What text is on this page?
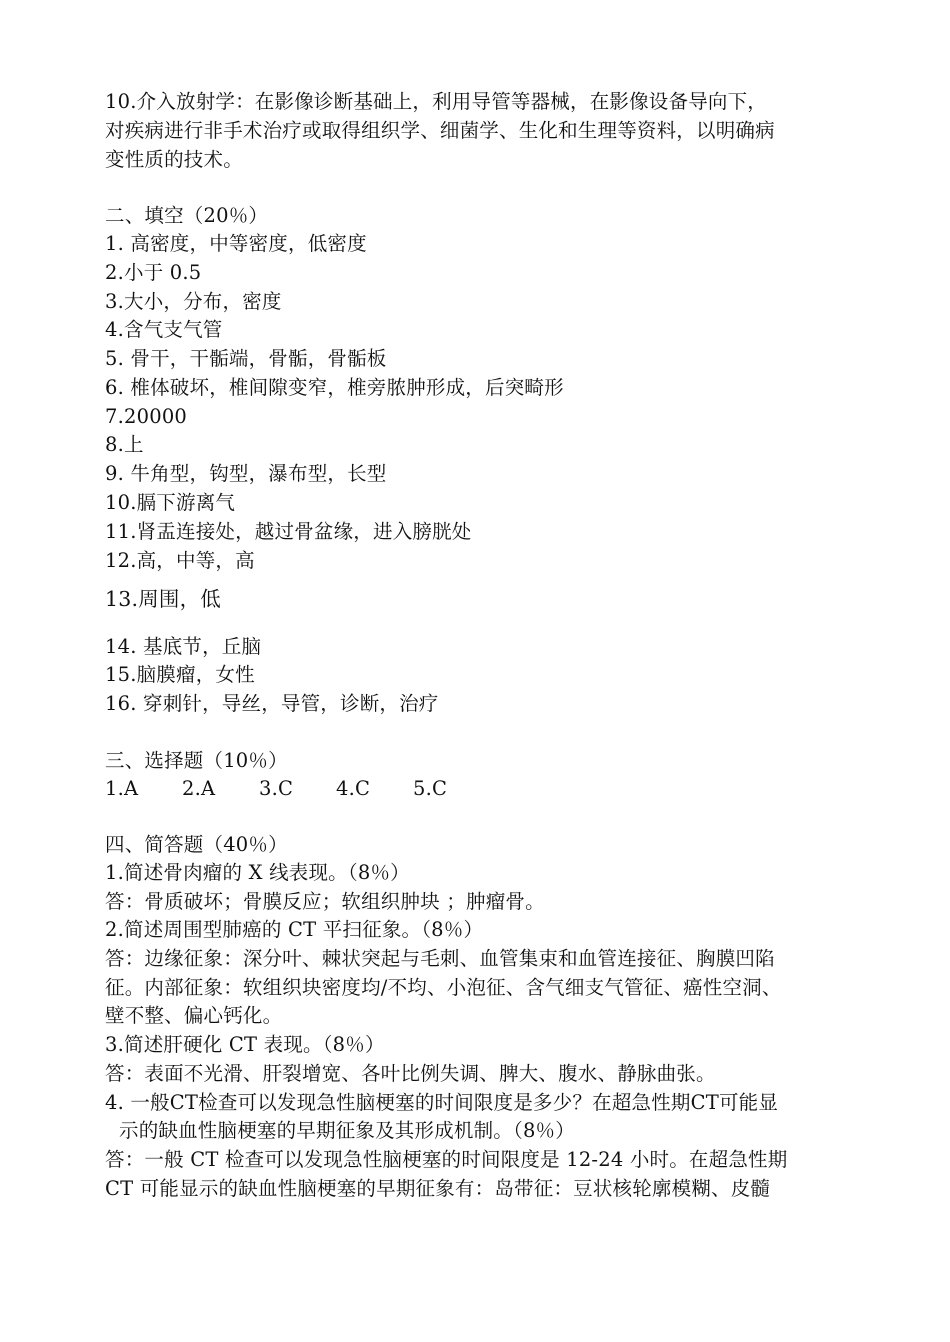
10.介入放射学：在影像诊断基础上，利用导管等器械，在影像设备导向下，
对疾病进行非手术治疗或取得组织学、细菌学、生化和生理等资料，以明确病
变性质的技术。
二、填空（20％）
1. 高密度，中等密度，低密度
2.小于 0.5
3.大小，分布，密度
4.含气支气管
5. 骨干，干骺端，骨骺，骨骺板
6. 椎体破坏，椎间隙变窄，椎旁脓肿形成，后突畸形
7.20000
8.上
9. 牛角型，钩型，瀑布型，长型
10.膈下游离气
11.肾盂连接处，越过骨盆缘，进入膀胱处
12.高，中等，高
13.周围，低
14. 基底节，丘脑
15.脑膜瘤，女性
16. 穿刺针，导丝，导管，诊断，治疗
三、选择题（10％）
1.A 2.A 3.C 4.C 5.C
四、简答题（40％）
1.简述骨肉瘤的 X 线表现。（8％）
答：骨质破坏；骨膜反应；软组织肿块 ；肿瘤骨。
2.简述周围型肺癌的 CT 平扫征象。（8％）
答：边缘征象：深分叶、棘状突起与毛刺、血管集束和血管连接征、胸膜凹陷
征。内部征象：软组织块密度均/不均、小泡征、含气细支气管征、癌性空洞、
壁不整、偏心钙化。
3.简述肝硬化 CT 表现。（8％）
答：表面不光滑、肝裂增宽、各叶比例失调、脾大、腹水、静脉曲张。
4. 一般CT检查可以发现急性脑梗塞的时间限度是多少？在超急性期CT可能显
示的缺血性脑梗塞的早期征象及其形成机制。（8％）
答：一般 CT 检查可以发现急性脑梗塞的时间限度是 12-24 小时。在超急性期
CT 可能显示的缺血性脑梗塞的早期征象有：岛带征：豆状核轮廓模糊、皮髓
